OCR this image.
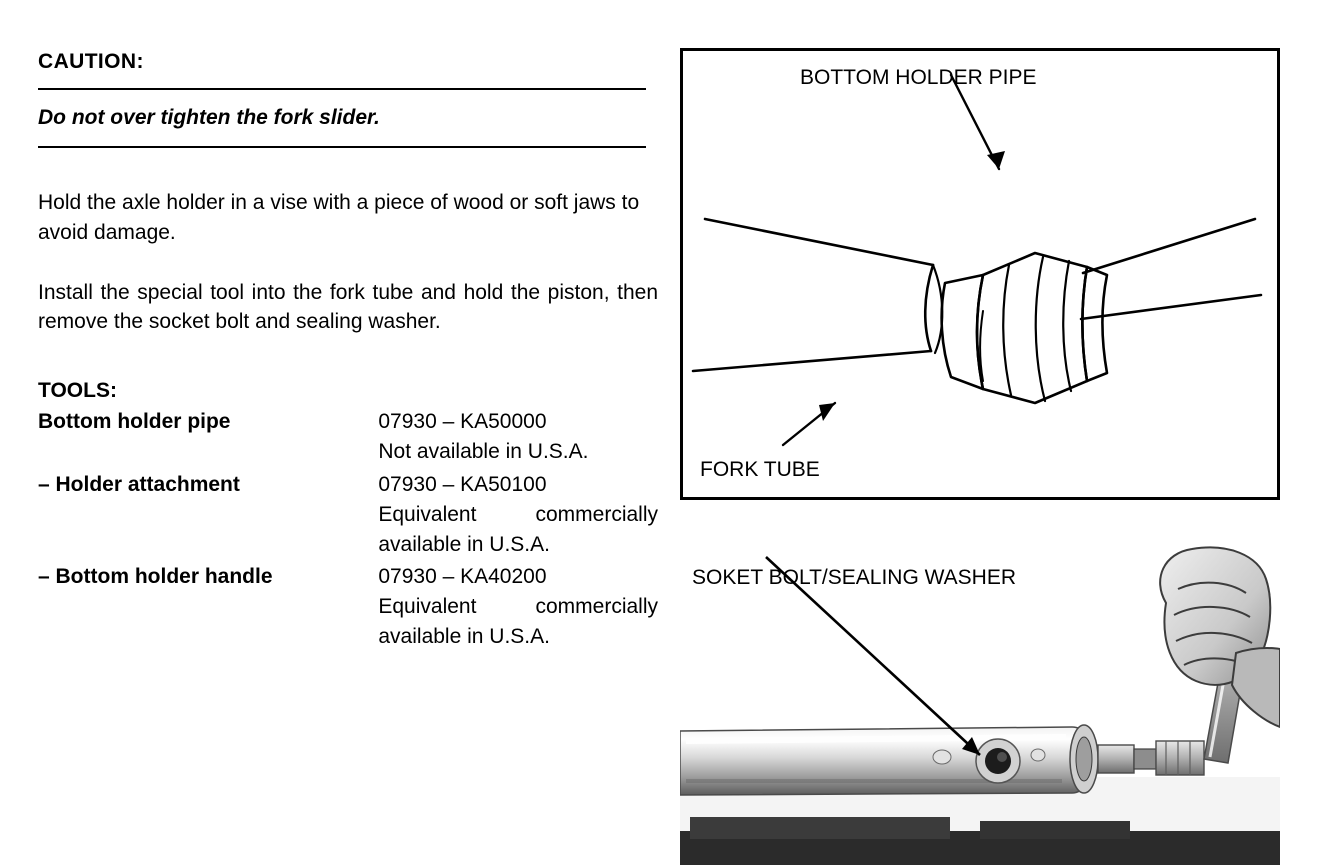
CAUTION:

Do not over tighten the fork slider.

Hold the axle holder in a vise with a piece of wood or soft jaws to avoid damage.

Install the special tool into the fork tube and hold the piston, then remove the socket bolt and sealing washer.

TOOLS:

Bottom holder pipe	07930 – KA50000
	Not available in U.S.A.

– Holder attachment	07930 – KA50100
	Equivalent commercially available in U.S.A.

– Bottom holder handle	07930 – KA40200
	Equivalent commercially available in U.S.A.
BOTTOM HOLDER PIPE
FORK TUBE
SOKET BOLT/SEALING WASHER
